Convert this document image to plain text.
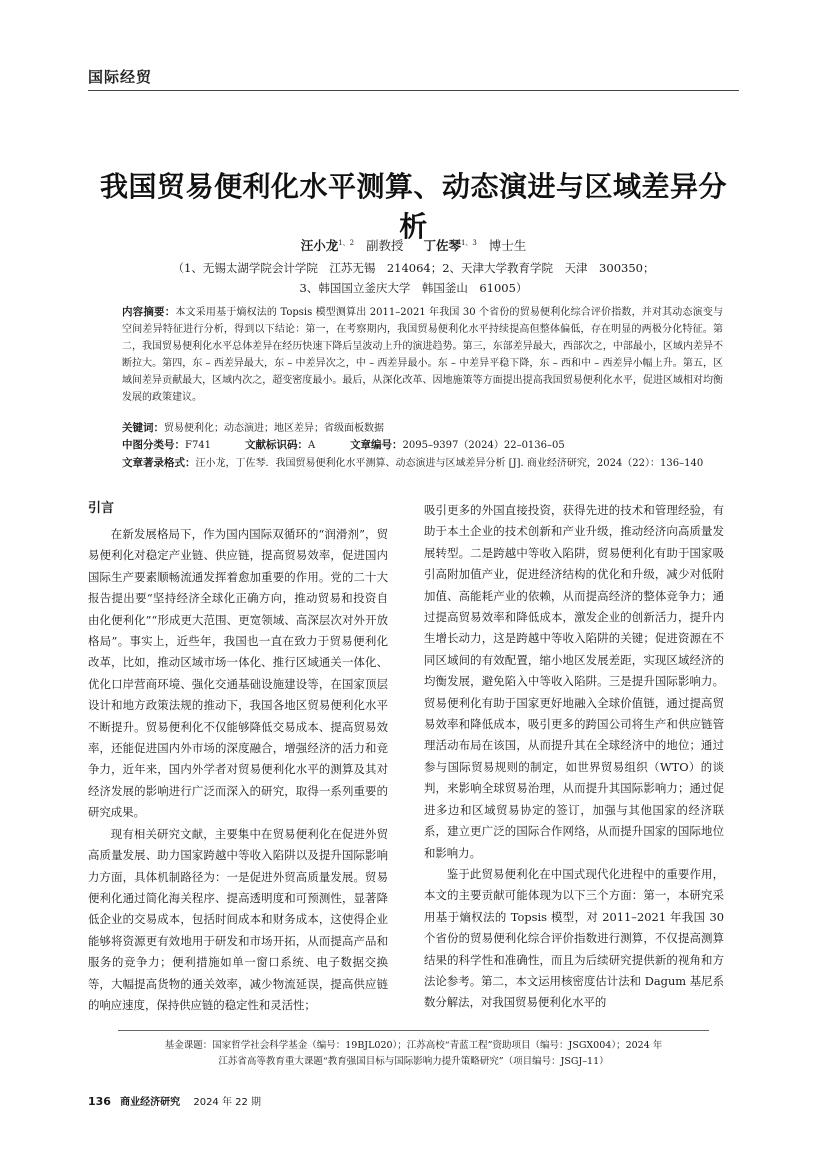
国际经贸
我国贸易便利化水平测算、动态演进与区域差异分析
汪小龙$^{1、2}$ 副教授 丁佐琴$^{1、3}$ 博士生
（1、无锡太湖学院会计学院　江苏无锡　214064；2、天津大学教育学院　天津　300350；
3、韩国国立釜庆大学　韩国釜山　61005）
内容摘要：本文采用基于熵权法的 Topsis 模型测算出 2011–2021 年我国 30 个省份的贸易便利化综合评价指数，并对其动态演变与空间差异特征进行分析，得到以下结论：第一，在考察期内，我国贸易便利化水平持续提高但整体偏低，存在明显的两极分化特征。第二，我国贸易便利化水平总体差异在经历快速下降后呈波动上升的演进趋势。第三，东部差异最大，西部次之，中部最小，区域内差异不断拉大。第四，东 – 西差异最大，东 – 中差异次之，中 – 西差异最小。东 – 中差异平稳下降，东 – 西和中 – 西差异小幅上升。第五，区域间差异贡献最大，区域内次之，超变密度最小。最后，从深化改革、因地施策等方面提出提高我国贸易便利化水平，促进区域相对均衡发展的政策建议。
关键词：贸易便利化；动态演进；地区差异；省级面板数据
中图分类号： F741	文献标识码： A	文章编号： 2095–9397（2024）22–0136–05
文章著录格式：汪小龙，丁佐琴．我国贸易便利化水平测算、动态演进与区域差异分析 [J]. 商业经济研究，2024（22）：136–140
引言

在新发展格局下，作为国内国际双循环的“润滑剂”，贸易便利化对稳定产业链、供应链，提高贸易效率，促进国内国际生产要素顺畅流通发挥着愈加重要的作用。党的二十大报告提出要“坚持经济全球化正确方向，推动贸易和投资自由化便利化”“形成更大范围、更宽领域、高深层次对外开放格局”。事实上，近些年，我国也一直在致力于贸易便利化改革，比如，推动区域市场一体化、推行区域通关一体化、优化口岸营商环境、强化交通基础设施建设等，在国家顶层设计和地方政策法规的推动下，我国各地区贸易便利化水平不断提升。贸易便利化不仅能够降低交易成本、提高贸易效率，还能促进国内外市场的深度融合，增强经济的活力和竞争力，近年来，国内外学者对贸易便利化水平的测算及其对经济发展的影响进行广泛而深入的研究，取得一系列重要的研究成果。

现有相关研究文献，主要集中在贸易便利化在促进外贸高质量发展、助力国家跨越中等收入陷阱以及提升国际影响力方面，具体机制路径为：一是促进外贸高质量发展。贸易便利化通过简化海关程序、提高透明度和可预测性，显著降低企业的交易成本，包括时间成本和财务成本，这使得企业能够将资源更有效地用于研发和市场开拓，从而提高产品和服务的竞争力；便利措施如单一窗口系统、电子数据交换等，大幅提高货物的通关效率，减少物流延误，提高供应链的响应速度，保持供应链的稳定性和灵活性；

吸引更多的外国直接投资，获得先进的技术和管理经验，有助于本土企业的技术创新和产业升级，推动经济向高质量发展转型。二是跨越中等收入陷阱，贸易便利化有助于国家吸引高附加值产业，促进经济结构的优化和升级，减少对低附加值、高能耗产业的依赖，从而提高经济的整体竞争力；通过提高贸易效率和降低成本，激发企业的创新活力，提升内生增长动力，这是跨越中等收入陷阱的关键；促进资源在不同区域间的有效配置，缩小地区发展差距，实现区域经济的均衡发展，避免陷入中等收入陷阱。三是提升国际影响力。贸易便利化有助于国家更好地融入全球价值链，通过提高贸易效率和降低成本，吸引更多的跨国公司将生产和供应链管理活动布局在该国，从而提升其在全球经济中的地位；通过参与国际贸易规则的制定，如世界贸易组织（WTO）的谈判，来影响全球贸易治理，从而提升其国际影响力；通过促进多边和区域贸易协定的签订，加强与其他国家的经济联系，建立更广泛的国际合作网络，从而提升国家的国际地位和影响力。

鉴于此贸易便利化在中国式现代化进程中的重要作用，本文的主要贡献可能体现为以下三个方面：第一，本研究采用基于熵权法的 Topsis 模型，对 2011–2021 年我国 30 个省份的贸易便利化综合评价指数进行测算，不仅提高测算结果的科学性和准确性，而且为后续研究提供新的视角和方法论参考。第二，本文运用核密度估计法和 Dagum 基尼系数分解法，对我国贸易便利化水平的

基金课题：国家哲学社会科学基金（编号：19BJL020）；江苏高校“青蓝工程”资助项目（编号：JSGX004）；2024 年
江苏省高等教育重大课题“教育强国目标与国际影响力提升策略研究”（项目编号：JSGJ–11）
136 商业经济研究 2024 年 22 期
